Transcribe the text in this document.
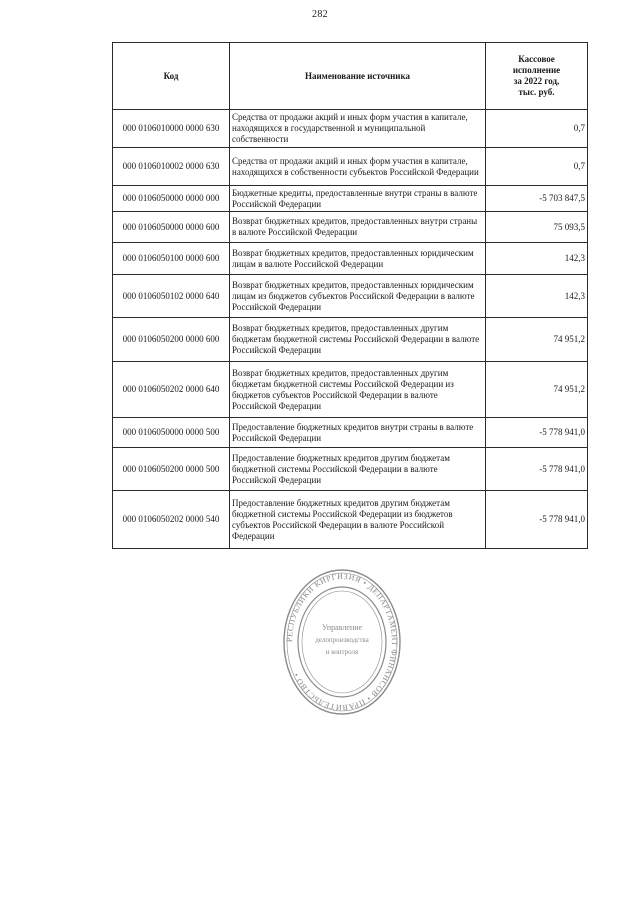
282
Код	Наименование источника	Кассовое
исполнение
за 2022 год,
тыс. руб.
000 0106010000 0000 630	Средства от продажи акций и иных форм участия в капитале, находящихся в государственной и муниципальной собственности	0,7
000 0106010002 0000 630	Средства от продажи акций и иных форм участия в капитале, находящихся в собственности субъектов Российской Федерации	0,7
000 0106050000 0000 000	Бюджетные кредиты, предоставленные внутри страны в валюте Российской Федерации	-5 703 847,5
000 0106050000 0000 600	Возврат бюджетных кредитов, предоставленных внутри страны в валюте Российской Федерации	75 093,5
000 0106050100 0000 600	Возврат бюджетных кредитов, предоставленных юридическим лицам в валюте Российской Федерации	142,3
000 0106050102 0000 640	Возврат бюджетных кредитов, предоставленных юридическим лицам из бюджетов субъектов Российской Федерации в валюте Российской Федерации	142,3
000 0106050200 0000 600	Возврат бюджетных кредитов, предоставленных другим бюджетам бюджетной системы Российской Федерации в валюте Российской Федерации	74 951,2
000 0106050202 0000 640	Возврат бюджетных кредитов, предоставленных другим бюджетам бюджетной системы Российской Федерации из бюджетов субъектов Российской Федерации в валюте Российской Федерации	74 951,2
000 0106050000 0000 500	Предоставление бюджетных кредитов внутри страны в валюте Российской Федерации	-5 778 941,0
000 0106050200 0000 500	Предоставление бюджетных кредитов другим бюджетам бюджетной системы Российской Федерации в валюте Российской Федерации	-5 778 941,0
000 0106050202 0000 540	Предоставление бюджетных кредитов другим бюджетам бюджетной системы Российской Федерации из бюджетов субъектов Российской Федерации в валюте Российской Федерации	-5 778 941,0
РЕСПУБЛИКИ КИРГИЗИЯ • ДЕПАРТАМЕНТ ФИНАНСОВ • ПРАВИТЕЛЬСТВО •
Управление
делопроизводства
и контроля
